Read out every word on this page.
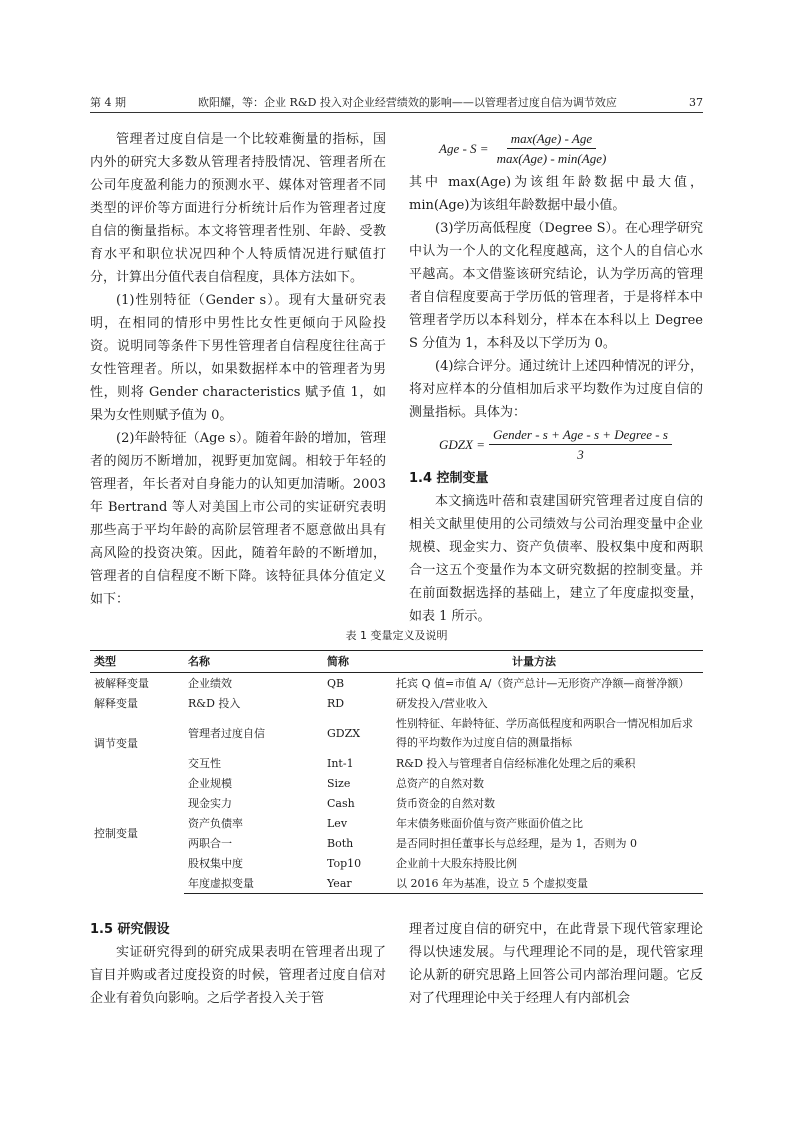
第 4 期	欧阳耀，等：企业 R&D 投入对企业经营绩效的影响——以管理者过度自信为调节效应	37

管理者过度自信是一个比较难衡量的指标，国内外的研究大多数从管理者持股情况、管理者所在公司年度盈利能力的预测水平、媒体对管理者不同类型的评价等方面进行分析统计后作为管理者过度自信的衡量指标。本文将管理者性别、年龄、受教育水平和职位状况四种个人特质情况进行赋值打分，计算出分值代表自信程度，具体方法如下。

(1)性别特征（Gender s）。现有大量研究表明，在相同的情形中男性比女性更倾向于风险投资。说明同等条件下男性管理者自信程度往往高于女性管理者。所以，如果数据样本中的管理者为男性，则将 Gender characteristics 赋予值 1，如果为女性则赋予值为 0。

(2)年龄特征（Age s）。随着年龄的增加，管理者的阅历不断增加，视野更加宽阔。相较于年轻的管理者，年长者对自身能力的认知更加清晰。2003 年 Bertrand 等人对美国上市公司的实证研究表明那些高于平均年龄的高阶层管理者不愿意做出具有高风险的投资决策。因此，随着年龄的不断增加，管理者的自信程度不断下降。该特征具体分值定义如下：

Age - $S = \frac{\text{max(Age) - Age}}{\text{max(Age) - min(Age)}}$

其中 max(Age)为该组年龄数据中最大值，min(Age)为该组年龄数据中最小值。

(3)学历高低程度（Degree S）。在心理学研究中认为一个人的文化程度越高，这个人的自信心水平越高。本文借鉴该研究结论，认为学历高的管理者自信程度要高于学历低的管理者，于是将样本中管理者学历以本科划分，样本在本科以上 Degree S 分值为 1，本科及以下学历为 0。

(4)综合评分。通过统计上述四种情况的评分，将对应样本的分值相加后求平均数作为过度自信的测量指标。具体为：

GDZX = $\frac{\text{Gender - s + Age - s + Degree - s}}{3}$
1.4 控制变量

本文摘选叶蓓和袁建国研究管理者过度自信的相关文献里使用的公司绩效与公司治理变量中企业规模、现金实力、资产负债率、股权集中度和两职合一这五个变量作为本文研究数据的控制变量。并在前面数据选择的基础上，建立了年度虚拟变量，如表 1 所示。

表 1 变量定义及说明
类型	名称	简称	计量方法
被解释变量	企业绩效	QB	托宾 Q 值=市值 A/（资产总计—无形资产净额—商誉净额）
解释变量	R&D 投入	RD	研发投入/营业收入
调节变量	管理者过度自信	GDZX	性别特征、年龄特征、学历高低程度和两职合一情况相加后求得的平均数作为过度自信的测量指标
	交互性	Int-1	R&D 投入与管理者自信经标准化处理之后的乘积
控制变量	企业规模	Size	总资产的自然对数
	现金实力	Cash	货币资金的自然对数
	资产负债率	Lev	年末债务账面价值与资产账面价值之比
	两职合一	Both	是否同时担任董事长与总经理，是为 1，否则为 0
	股权集中度	Top10	企业前十大股东持股比例
	年度虚拟变量	Year	以 2016 年为基准，设立 5 个虚拟变量
1.5 研究假设

实证研究得到的研究成果表明在管理者出现了盲目并购或者过度投资的时候，管理者过度自信对企业有着负向影响。之后学者投入关于管

理者过度自信的研究中，在此背景下现代管家理论得以快速发展。与代理理论不同的是，现代管家理论从新的研究思路上回答公司内部治理问题。它反对了代理理论中关于经理人有内部机会
